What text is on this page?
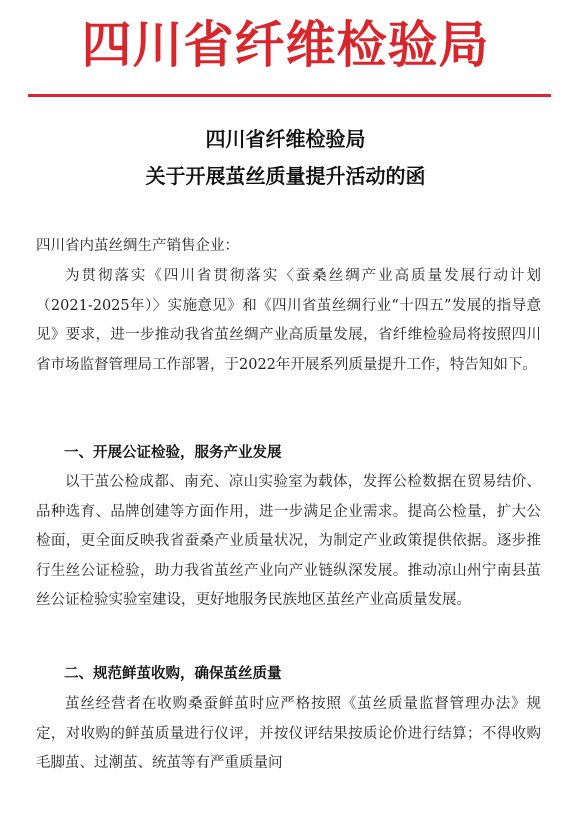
四川省纤维检验局
四川省纤维检验局
关于开展茧丝质量提升活动的函
四川省内茧丝绸生产销售企业：

为贯彻落实《四川省贯彻落实〈蚕桑丝绸产业高质量发展行动计划（2021-2025年）〉实施意见》和《四川省茧丝绸行业“十四五”发展的指导意见》要求，进一步推动我省茧丝绸产业高质量发展，省纤维检验局将按照四川省市场监督管理局工作部署，于2022年开展系列质量提升工作，特告知如下。

一、开展公证检验，服务产业发展

以干茧公检成都、南充、凉山实验室为载体，发挥公检数据在贸易结价、品种选育、品牌创建等方面作用，进一步满足企业需求。提高公检量，扩大公检面，更全面反映我省蚕桑产业质量状况，为制定产业政策提供依据。逐步推行生丝公证检验，助力我省茧丝产业向产业链纵深发展。推动凉山州宁南县茧丝公证检验实验室建设，更好地服务民族地区茧丝产业高质量发展。

二、规范鲜茧收购，确保茧丝质量

茧丝经营者在收购桑蚕鲜茧时应严格按照《茧丝质量监督管理办法》规定，对收购的鲜茧质量进行仪评，并按仪评结果按质论价进行结算；不得收购毛脚茧、过潮茧、统茧等有严重质量问
